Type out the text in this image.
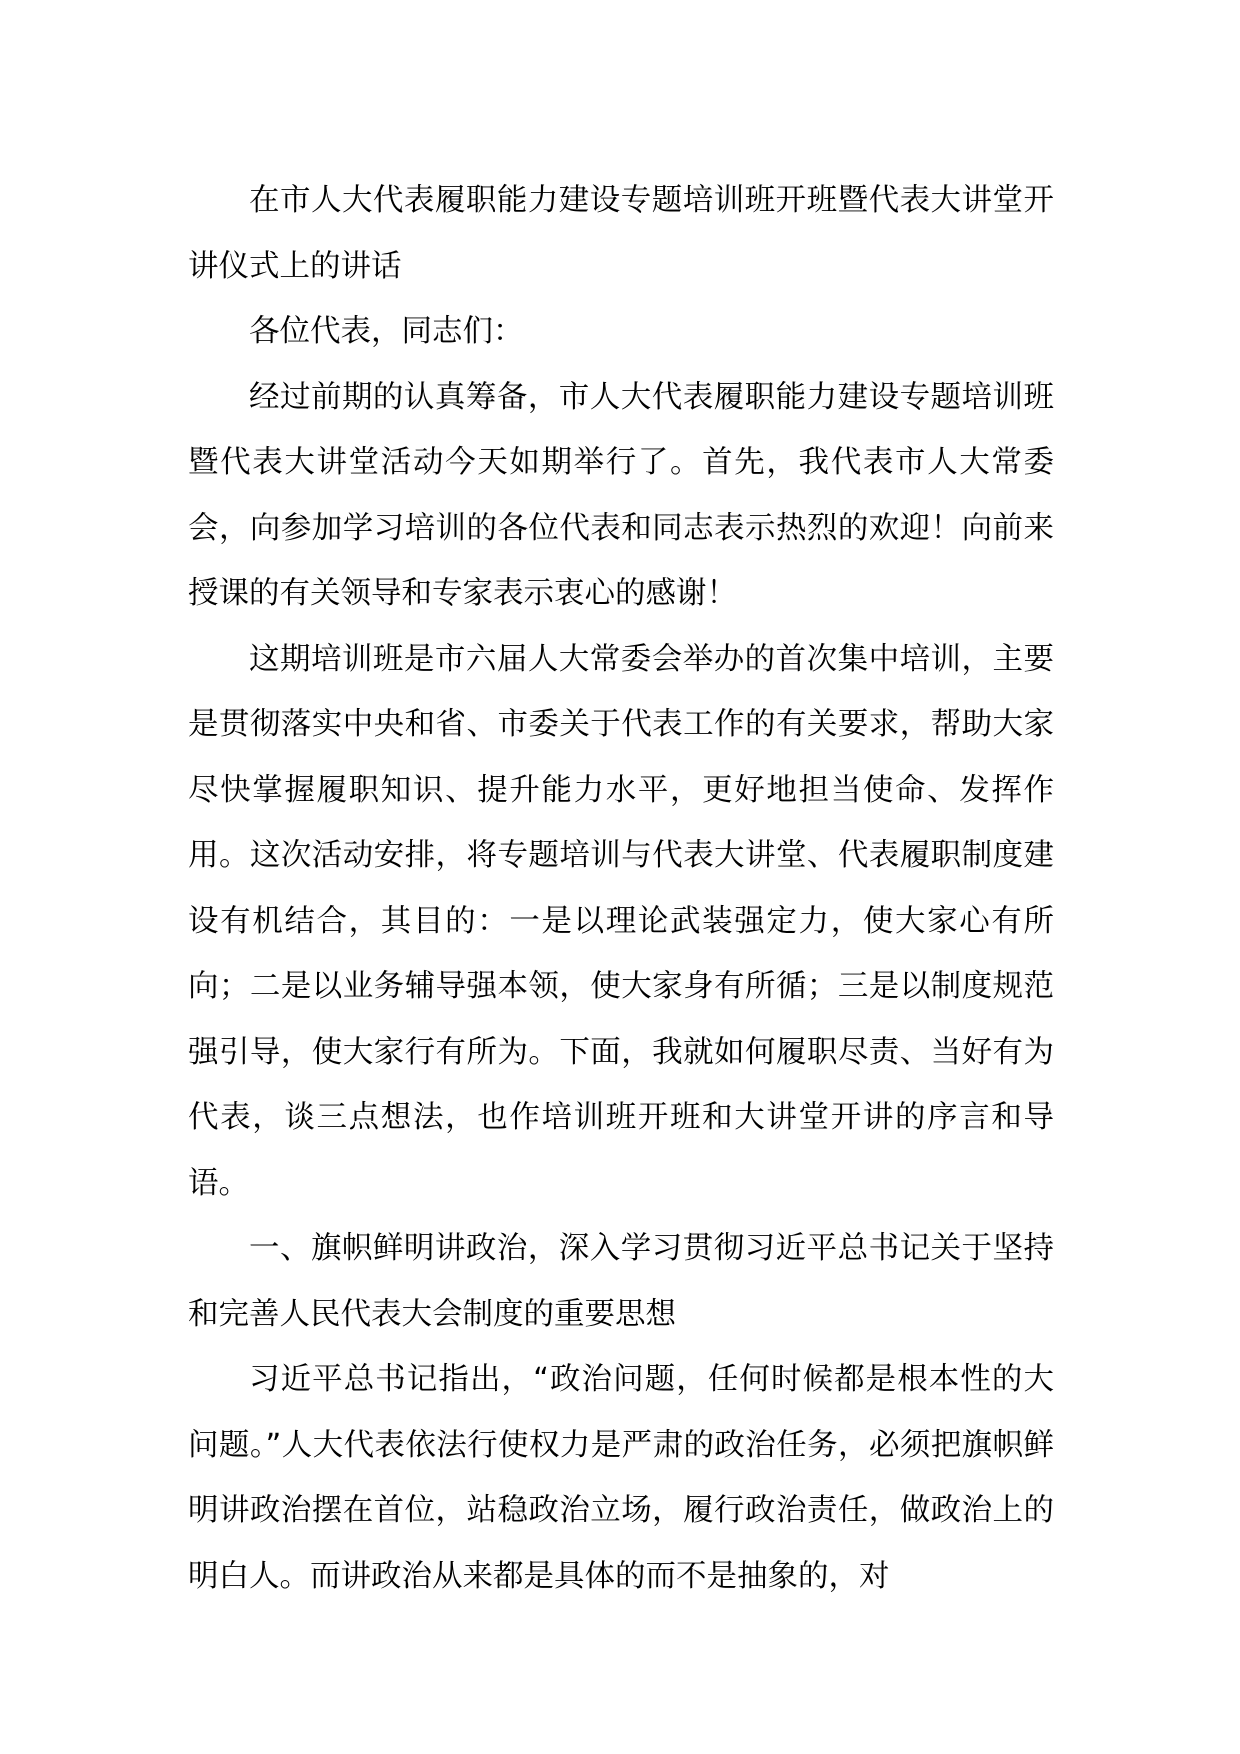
在市人大代表履职能力建设专题培训班开班暨代表大讲堂开讲仪式上的讲话

各位代表，同志们：

经过前期的认真筹备，市人大代表履职能力建设专题培训班暨代表大讲堂活动今天如期举行了。首先，我代表市人大常委会，向参加学习培训的各位代表和同志表示热烈的欢迎！向前来授课的有关领导和专家表示衷心的感谢！

这期培训班是市六届人大常委会举办的首次集中培训，主要是贯彻落实中央和省、市委关于代表工作的有关要求，帮助大家尽快掌握履职知识、提升能力水平，更好地担当使命、发挥作用。这次活动安排，将专题培训与代表大讲堂、代表履职制度建设有机结合，其目的：一是以理论武装强定力，使大家心有所向；二是以业务辅导强本领，使大家身有所循；三是以制度规范强引导，使大家行有所为。下面，我就如何履职尽责、当好有为代表，谈三点想法，也作培训班开班和大讲堂开讲的序言和导语。

一、旗帜鲜明讲政治，深入学习贯彻习近平总书记关于坚持和完善人民代表大会制度的重要思想

习近平总书记指出，“政治问题，任何时候都是根本性的大问题。”人大代表依法行使权力是严肃的政治任务，必须把旗帜鲜明讲政治摆在首位，站稳政治立场，履行政治责任，做政治上的明白人。而讲政治从来都是具体的而不是抽象的，对
